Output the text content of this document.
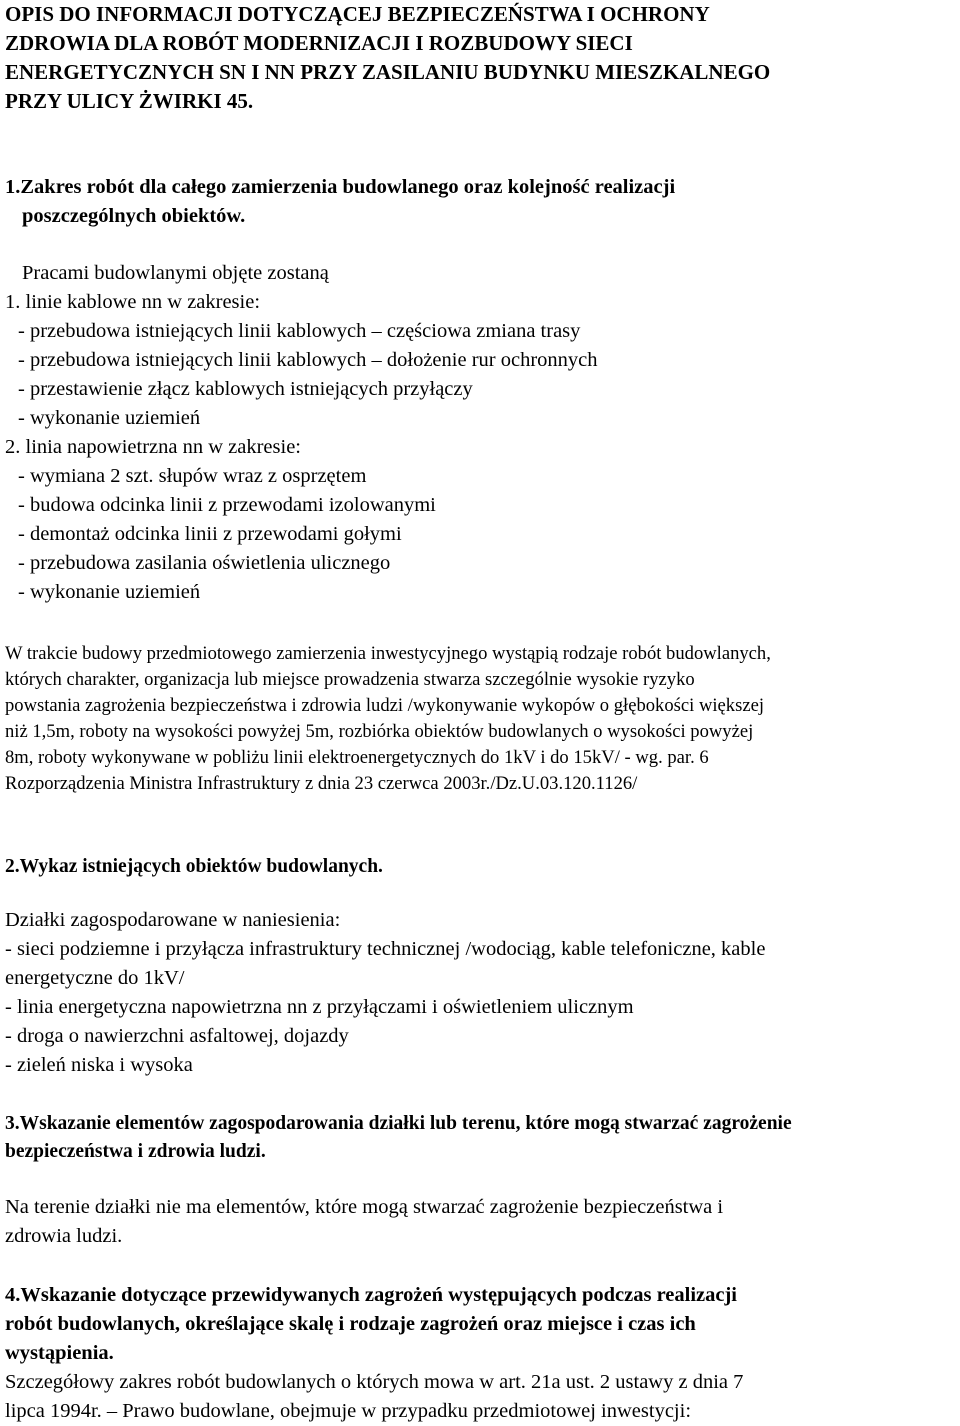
OPIS DO INFORMACJI DOTYCZĄCEJ BEZPIECZEŃSTWA I OCHRONY
ZDROWIA DLA ROBÓT MODERNIZACJI I ROZBUDOWY SIECI
ENERGETYCZNYCH SN I NN PRZY ZASILANIU BUDYNKU MIESZKALNEGO
PRZY ULICY ŻWIRKI 45.
1.Zakres robót dla całego zamierzenia budowlanego oraz kolejność realizacji
poszczególnych obiektów.
Pracami budowlanymi objęte zostaną
1. linie kablowe nn w zakresie:
- przebudowa istniejących linii kablowych – częściowa zmiana trasy
- przebudowa istniejących linii kablowych – dołożenie rur ochronnych
- przestawienie złącz kablowych istniejących przyłączy
- wykonanie uziemień
2. linia napowietrzna nn w zakresie:
- wymiana 2 szt. słupów wraz z osprzętem
- budowa odcinka linii z przewodami izolowanymi
- demontaż odcinka linii z przewodami gołymi
- przebudowa zasilania oświetlenia ulicznego
- wykonanie uziemień
W trakcie budowy przedmiotowego zamierzenia inwestycyjnego wystąpią rodzaje robót budowlanych,
których charakter, organizacja lub miejsce prowadzenia stwarza szczególnie wysokie ryzyko
powstania zagrożenia bezpieczeństwa i zdrowia ludzi /wykonywanie wykopów o głębokości większej
niż 1,5m, roboty na wysokości powyżej 5m, rozbiórka obiektów budowlanych o wysokości powyżej
8m, roboty wykonywane w pobliżu linii elektroenergetycznych do 1kV i do 15kV/ - wg. par. 6
Rozporządzenia Ministra Infrastruktury z dnia 23 czerwca 2003r./Dz.U.03.120.1126/
2.Wykaz istniejących obiektów budowlanych.
Działki zagospodarowane w naniesienia:
- sieci podziemne i przyłącza infrastruktury technicznej /wodociąg, kable telefoniczne, kable
energetyczne do 1kV/
- linia energetyczna napowietrzna nn z przyłączami i oświetleniem ulicznym
- droga o nawierzchni asfaltowej, dojazdy
- zieleń niska i wysoka
3.Wskazanie elementów zagospodarowania działki lub terenu, które mogą stwarzać zagrożenie
bezpieczeństwa i zdrowia ludzi.
Na terenie działki nie ma elementów, które mogą stwarzać zagrożenie bezpieczeństwa i
zdrowia ludzi.
4.Wskazanie dotyczące przewidywanych zagrożeń występujących podczas realizacji
robót budowlanych, określające skalę i rodzaje zagrożeń oraz miejsce i czas ich
wystąpienia.
Szczegółowy zakres robót budowlanych o których mowa w art. 21a ust. 2 ustawy z dnia 7
lipca 1994r. – Prawo budowlane, obejmuje w przypadku przedmiotowej inwestycji:
